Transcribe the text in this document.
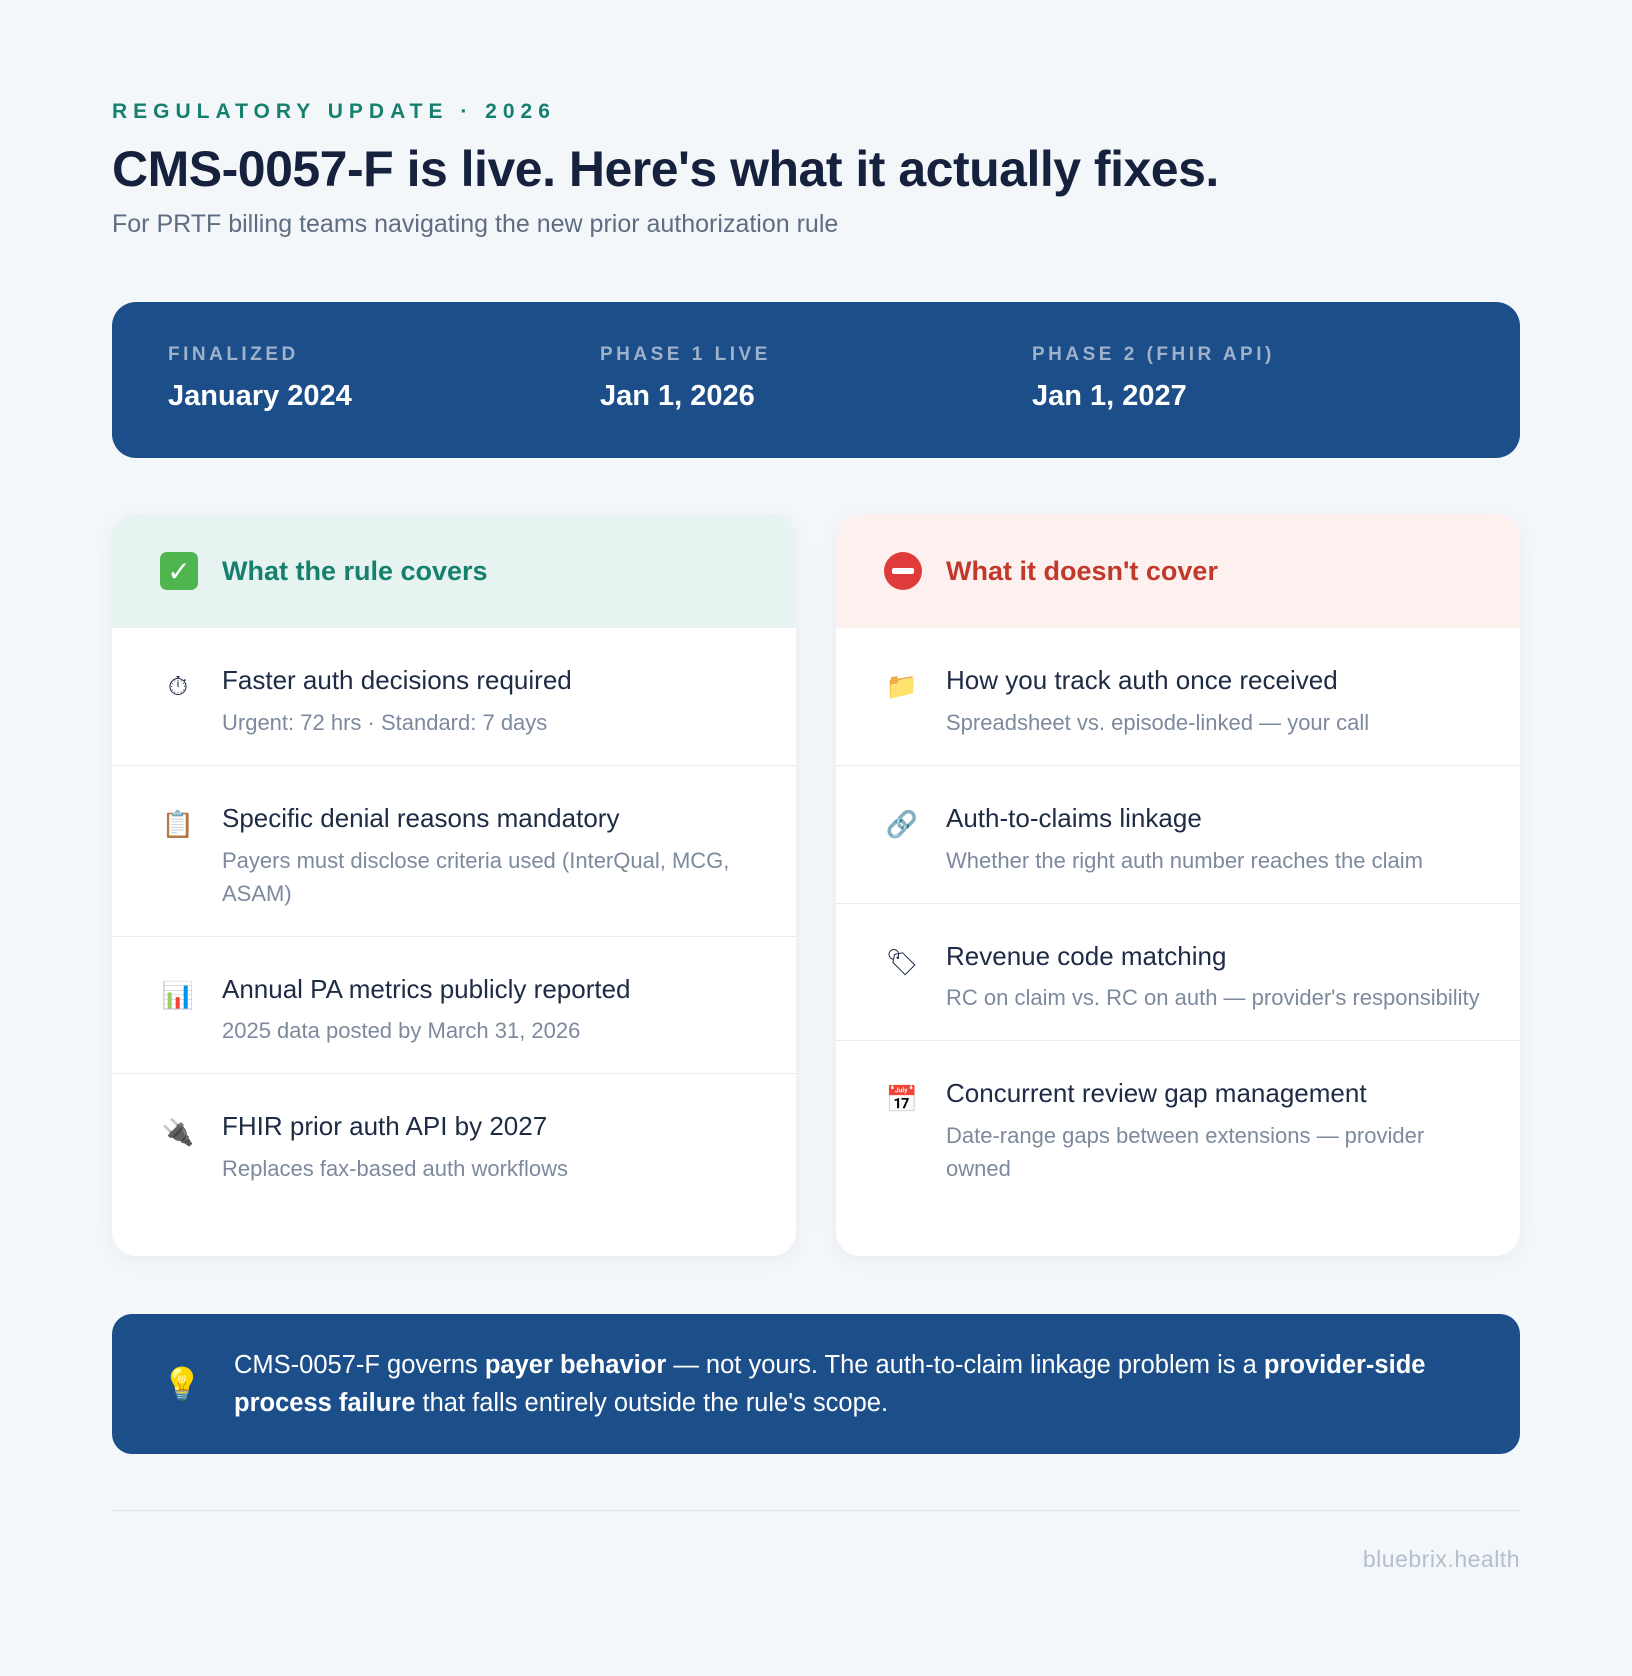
REGULATORY UPDATE · 2026
CMS-0057-F is live. Here's what it actually fixes.
For PRTF billing teams navigating the new prior authorization rule
FINALIZED
January 2024
PHASE 1 LIVE
Jan 1, 2026
PHASE 2 (FHIR API)
Jan 1, 2027
✓ What the rule covers
⏱	Faster auth decisions required
Urgent: 72 hrs · Standard: 7 days
📋 Specific denial reasons mandatory
Payers must disclose criteria used (InterQual, MCG, ASAM)
📊 Annual PA metrics publicly reported
2025 data posted by March 31, 2026
🔌 FHIR prior auth API by 2027
Replaces fax-based auth workflows
What it doesn't cover
📁 How you track auth once received
Spreadsheet vs. episode-linked — your call
🔗 Auth-to-claims linkage
Whether the right auth number reaches the claim
🏷 Revenue code matching
RC on claim vs. RC on auth — provider's responsibility
📅 Concurrent review gap management
Date-range gaps between extensions — provider owned
💡

CMS-0057-F governs payer behavior — not yours. The auth-to-claim linkage problem is a provider-side process failure that falls entirely outside the rule's scope.

bluebrix.health
